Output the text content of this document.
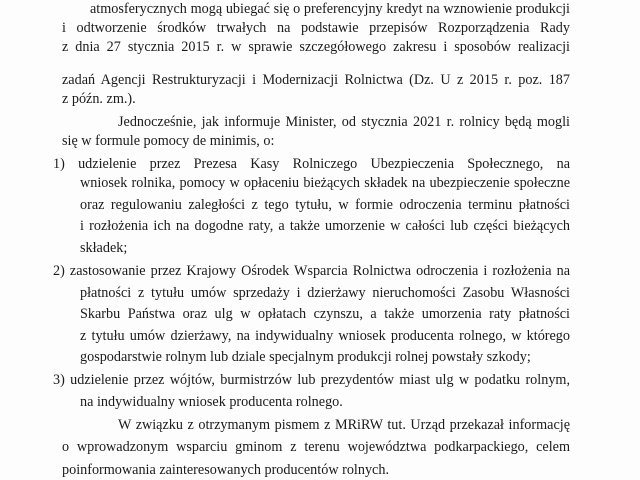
atmosferycznych mogą ubiegać się o preferencyjny kredyt na wznowienie produkcji
i odtworzenie środków trwałych na podstawie przepisów Rozporządzenia Rady
z dnia 27 stycznia 2015 r. w sprawie szczegółowego zakresu i sposobów realizacji
zadań Agencji Restrukturyzacji i Modernizacji Rolnictwa (Dz. U z 2015 r. poz. 187
z późn. zm.).
Jednocześnie, jak informuje Minister, od stycznia 2021 r. rolnicy będą mogli
się w formule pomocy de minimis, o:
1) udzielenie przez Prezesa Kasy Rolniczego Ubezpieczenia Społecznego, na
wniosek rolnika, pomocy w opłaceniu bieżących składek na ubezpieczenie społeczne
oraz regulowaniu zaległości z tego tytułu, w formie odroczenia terminu płatności
i rozłożenia ich na dogodne raty, a także umorzenie w całości lub części bieżących
składek;
2) zastosowanie przez Krajowy Ośrodek Wsparcia Rolnictwa odroczenia i rozłożenia na
płatności z tytułu umów sprzedaży i dzierżawy nieruchomości Zasobu Własności
Skarbu Państwa oraz ulg w opłatach czynszu, a także umorzenia raty płatności
z tytułu umów dzierżawy, na indywidualny wniosek producenta rolnego, w którego
gospodarstwie rolnym lub dziale specjalnym produkcji rolnej powstały szkody;
3) udzielenie przez wójtów, burmistrzów lub prezydentów miast ulg w podatku rolnym,
na indywidualny wniosek producenta rolnego.
W związku z otrzymanym pismem z MRiRW tut. Urząd przekazał informację
o wprowadzonym wsparciu gminom z terenu województwa podkarpackiego, celem
poinformowania zainteresowanych producentów rolnych.
